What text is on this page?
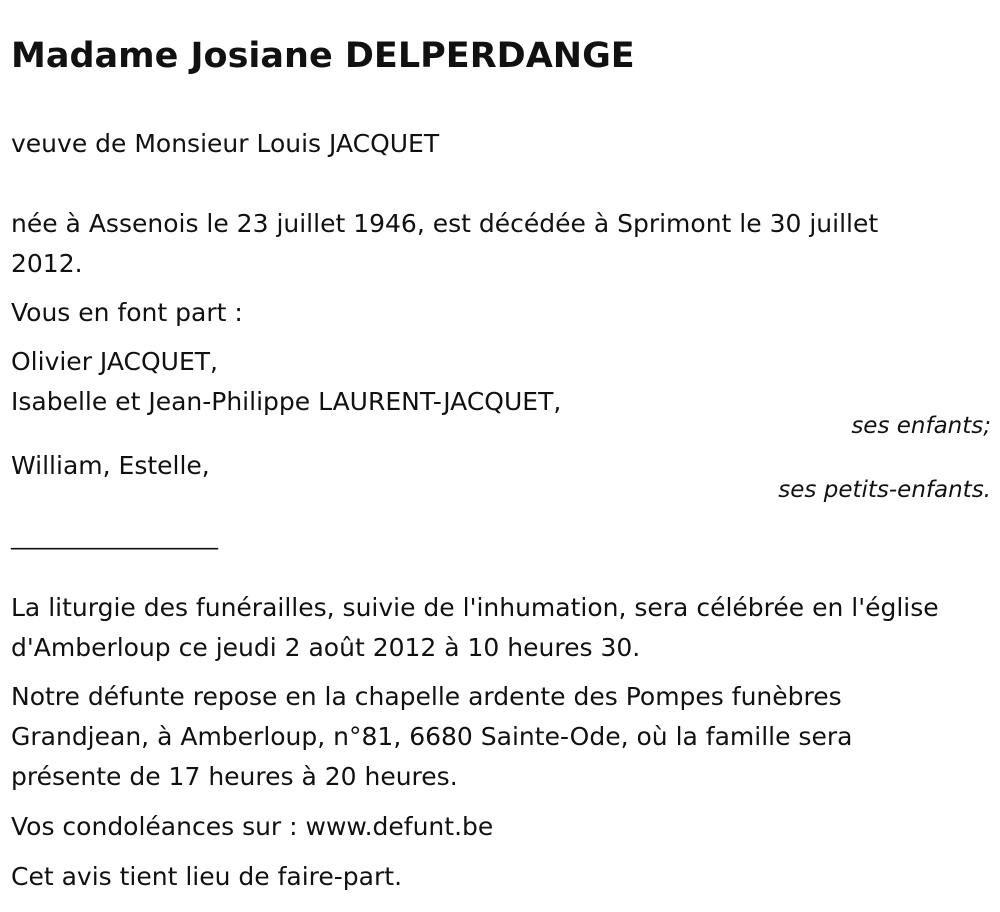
Madame Josiane DELPERDANGE

veuve de Monsieur Louis JACQUET

née à Assenois le 23 juillet 1946, est décédée à Sprimont le 30 juillet

2012.

Vous en font part :

Olivier JACQUET,

Isabelle et Jean-Philippe LAURENT-JACQUET,

ses enfants;

William, Estelle,

ses petits-enfants.

__________________

La liturgie des funérailles, suivie de l'inhumation, sera célébrée en l'église

d'Amberloup ce jeudi 2 août 2012 à 10 heures 30.

Notre défunte repose en la chapelle ardente des Pompes funèbres

Grandjean, à Amberloup, n°81, 6680 Sainte-Ode, où la famille sera

présente de 17 heures à 20 heures.

Vos condoléances sur : www.defunt.be

Cet avis tient lieu de faire-part.
